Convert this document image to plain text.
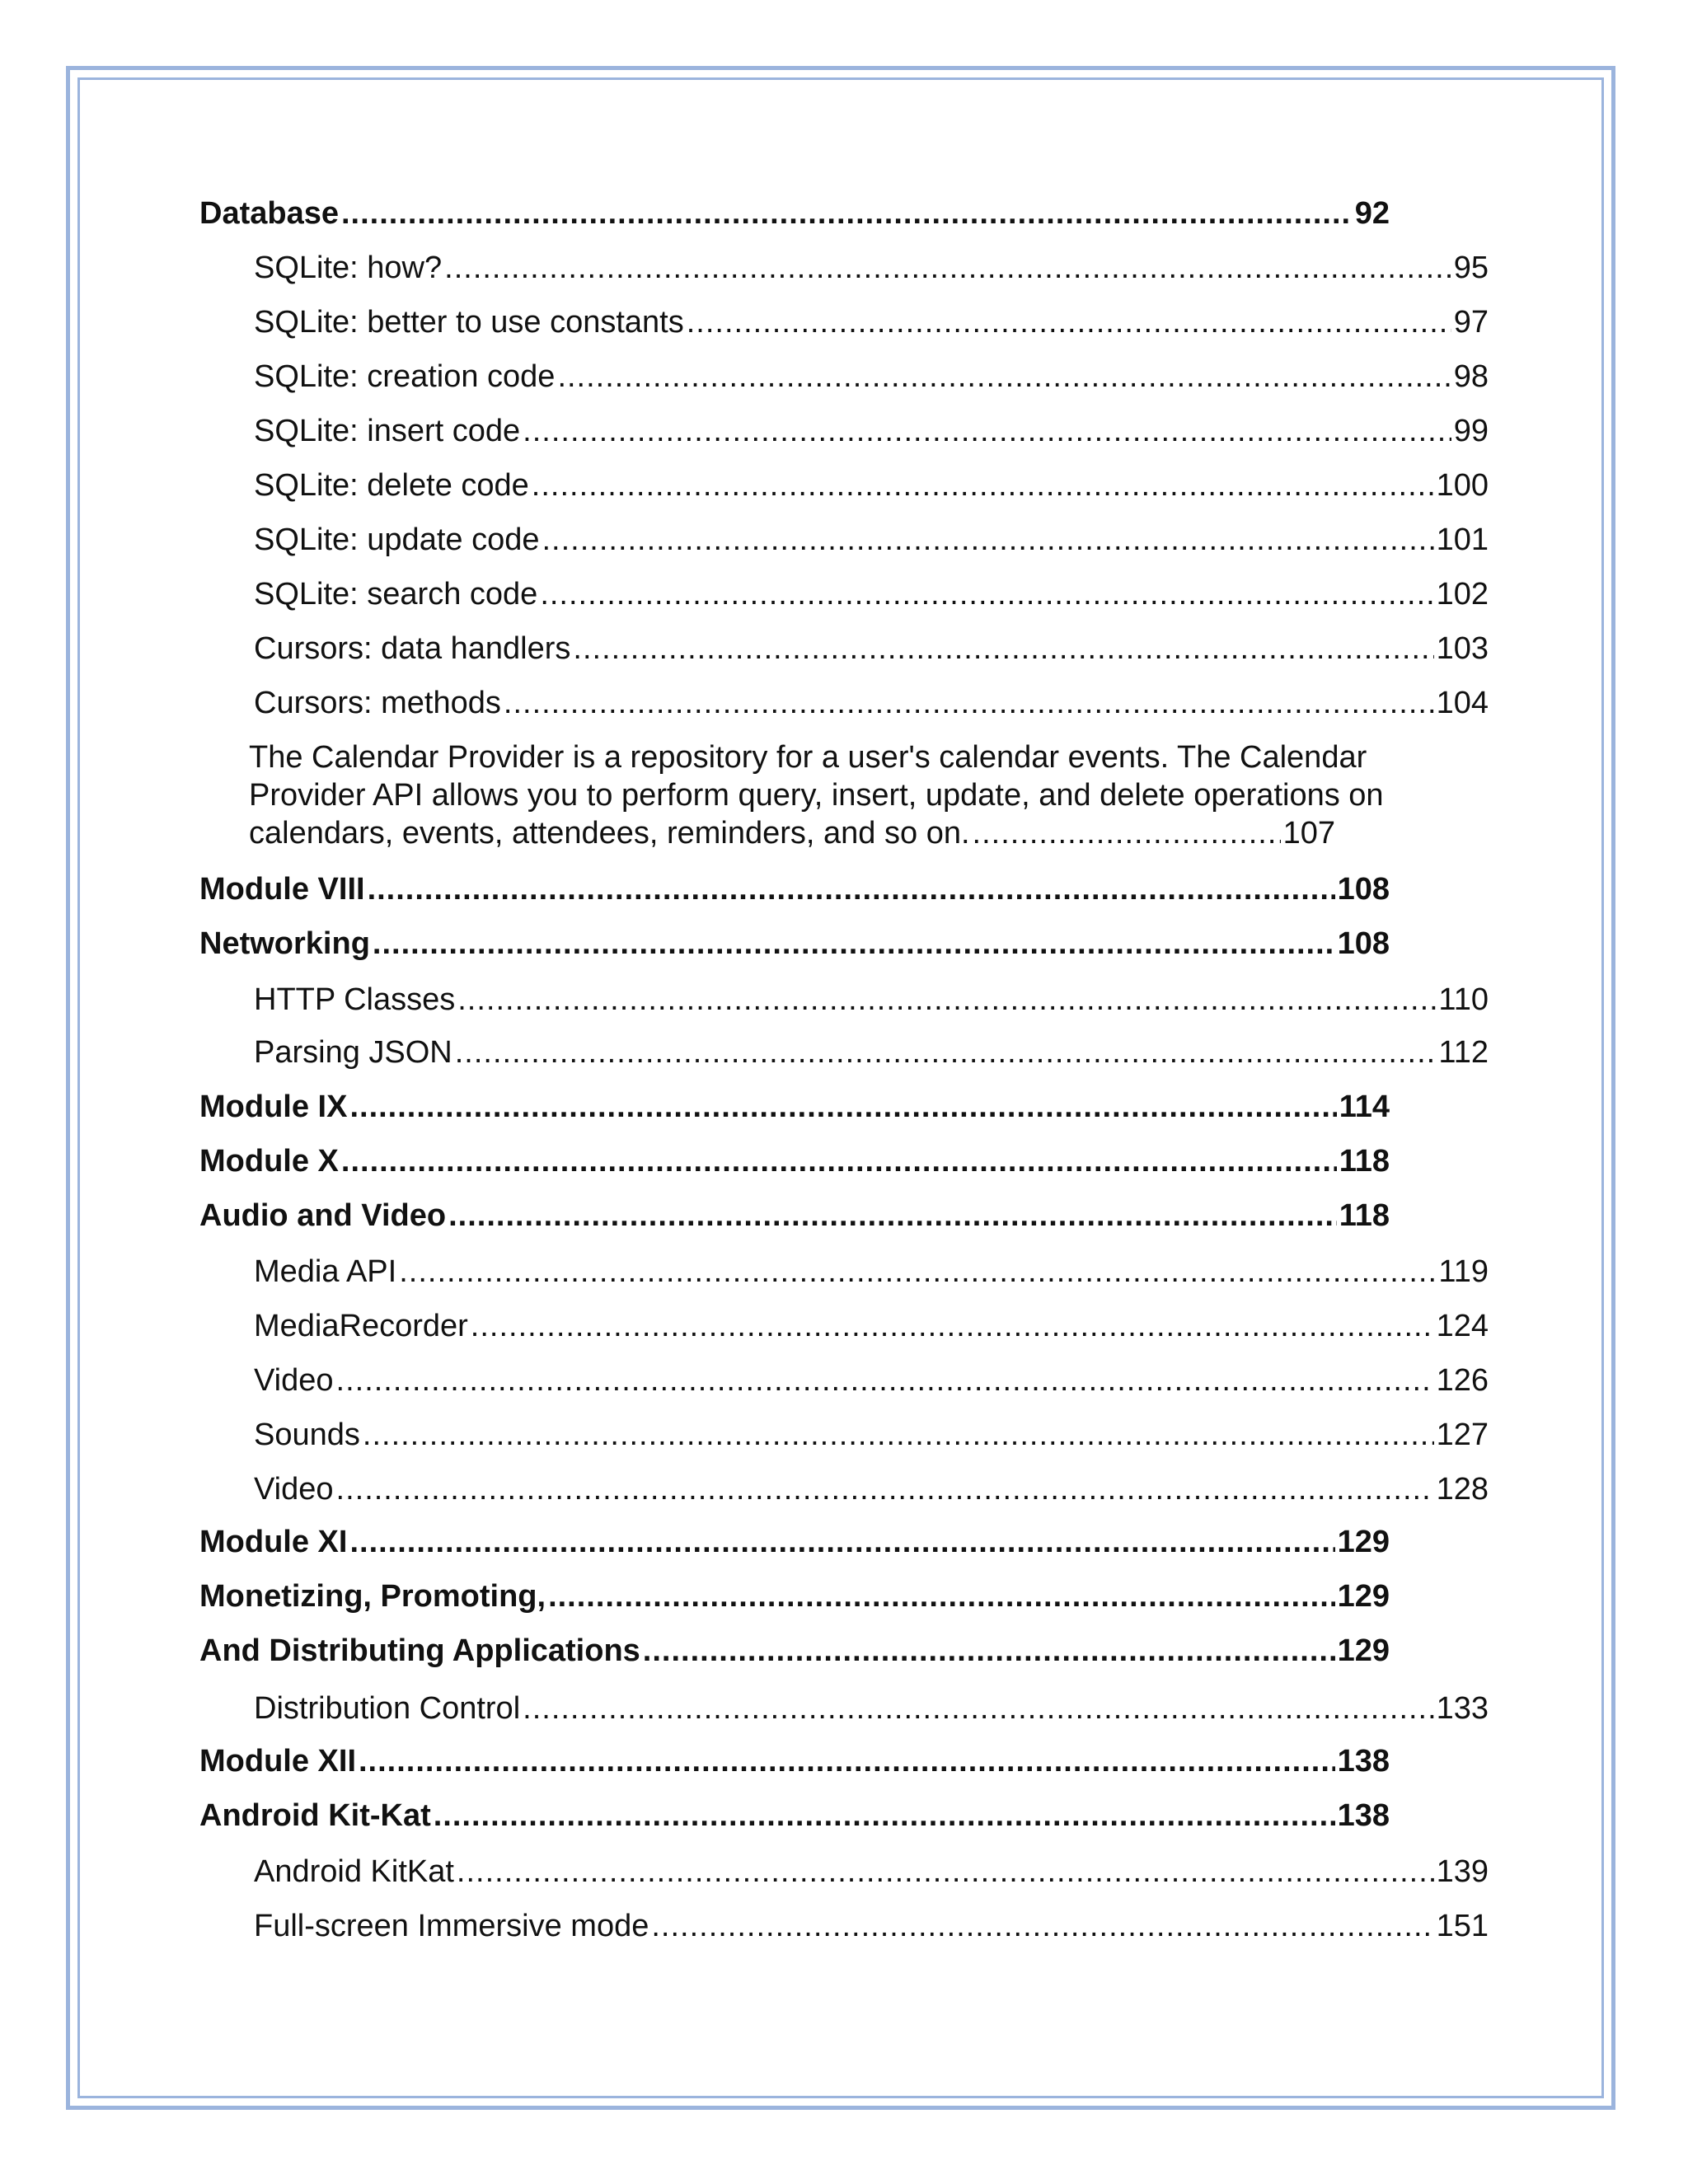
Database .....	92
SQLite: how? .....	95
SQLite: better to use constants .....	97
SQLite: creation code .....	98
SQLite: insert code .....	99
SQLite: delete code .....	100
SQLite: update code .....	101
SQLite: search code .....	102
Cursors: data handlers .....	103
Cursors: methods .....	104
The Calendar Provider is a repository for a user's calendar events. The Calendar
Provider API allows you to perform query, insert, update, and delete operations on
calendars, events, attendees, reminders, and so on. .....	107
Module VIII .....	108
Networking .....	108
HTTP Classes .....	110
Parsing JSON .....	112
Module IX .....	114
Module X .....	118
Audio and Video .....	118
Media API .....	119
MediaRecorder .....	124
Video .....	126
Sounds .....	127
Video .....	128
Module XI .....	129
Monetizing, Promoting, .....	129
And Distributing Applications .....	129
Distribution Control .....	133
Module XII .....	138
Android Kit-Kat .....	138
Android KitKat .....	139
Full-screen Immersive mode .....	151
